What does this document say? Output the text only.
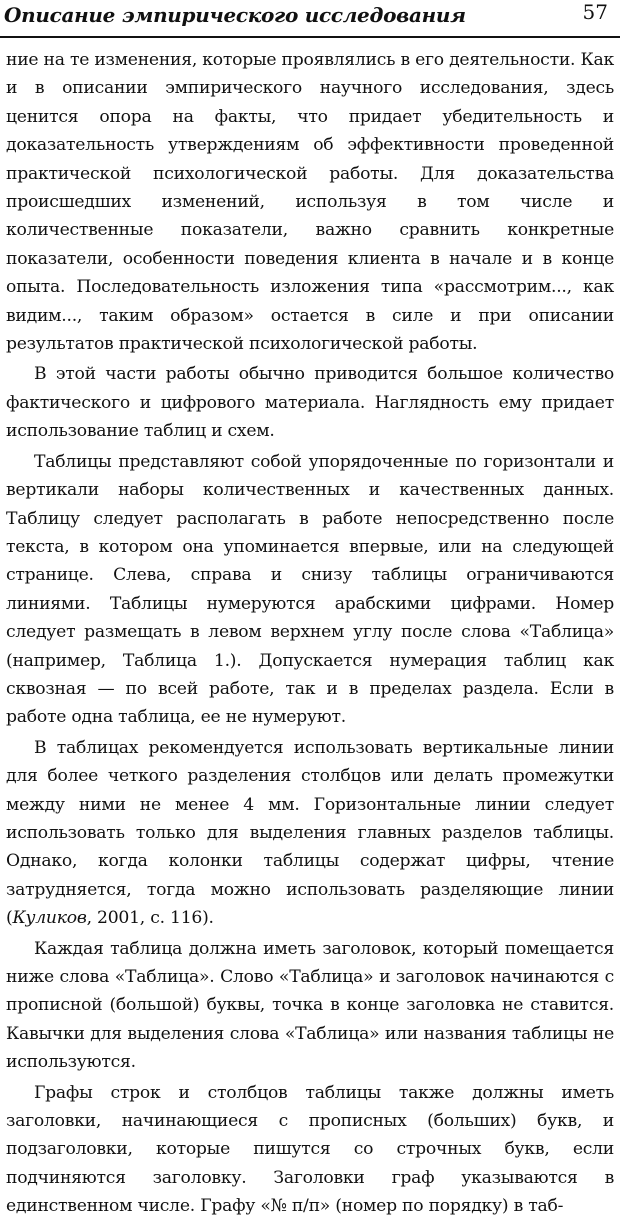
Описание эмпирического исследования	57

ние на те изменения, которые проявлялись в его деятельности. Как и в описании эмпирического научного исследования, здесь ценится опора на факты, что придает убедительность и доказательность утверждениям об эффективности проведенной практической психологической работы. Для доказательства происшедших изменений, используя в том числе и количественные показатели, важно сравнить конкретные показатели, особенности поведения клиента в начале и в конце опыта. Последовательность изложения типа «рассмотрим..., как видим..., таким образом» остается в силе и при описании результатов практической психологической работы.

В этой части работы обычно приводится большое количество фактического и цифрового материала. Наглядность ему придает использование таблиц и схем.

Таблицы представляют собой упорядоченные по горизонтали и вертикали наборы количественных и качественных данных. Таблицу следует располагать в работе непосредственно после текста, в котором она упоминается впервые, или на следующей странице. Слева, справа и снизу таблицы ограничиваются линиями. Таблицы нумеруются арабскими цифрами. Номер следует размещать в левом верхнем углу после слова «Таблица» (например, Таблица 1.). Допускается нумерация таблиц как сквозная — по всей работе, так и в пределах раздела. Если в работе одна таблица, ее не нумеруют.

В таблицах рекомендуется использовать вертикальные линии для более четкого разделения столбцов или делать промежутки между ними не менее 4 мм. Горизонтальные линии следует использовать только для выделения главных разделов таблицы. Однако, когда колонки таблицы содержат цифры, чтение затрудняется, тогда можно использовать разделяющие линии (Куликов, 2001, с. 116).

Каждая таблица должна иметь заголовок, который помещается ниже слова «Таблица». Слово «Таблица» и заголовок начинаются с прописной (большой) буквы, точка в конце заголовка не ставится. Кавычки для выделения слова «Таблица» или названия таблицы не используются.

Графы строк и столбцов таблицы также должны иметь заголовки, начинающиеся с прописных (больших) букв, и подзаголовки, которые пишутся со строчных букв, если подчиняются заголовку. Заголовки граф указываются в единственном числе. Графу «№ п/п» (номер по порядку) в таб-
